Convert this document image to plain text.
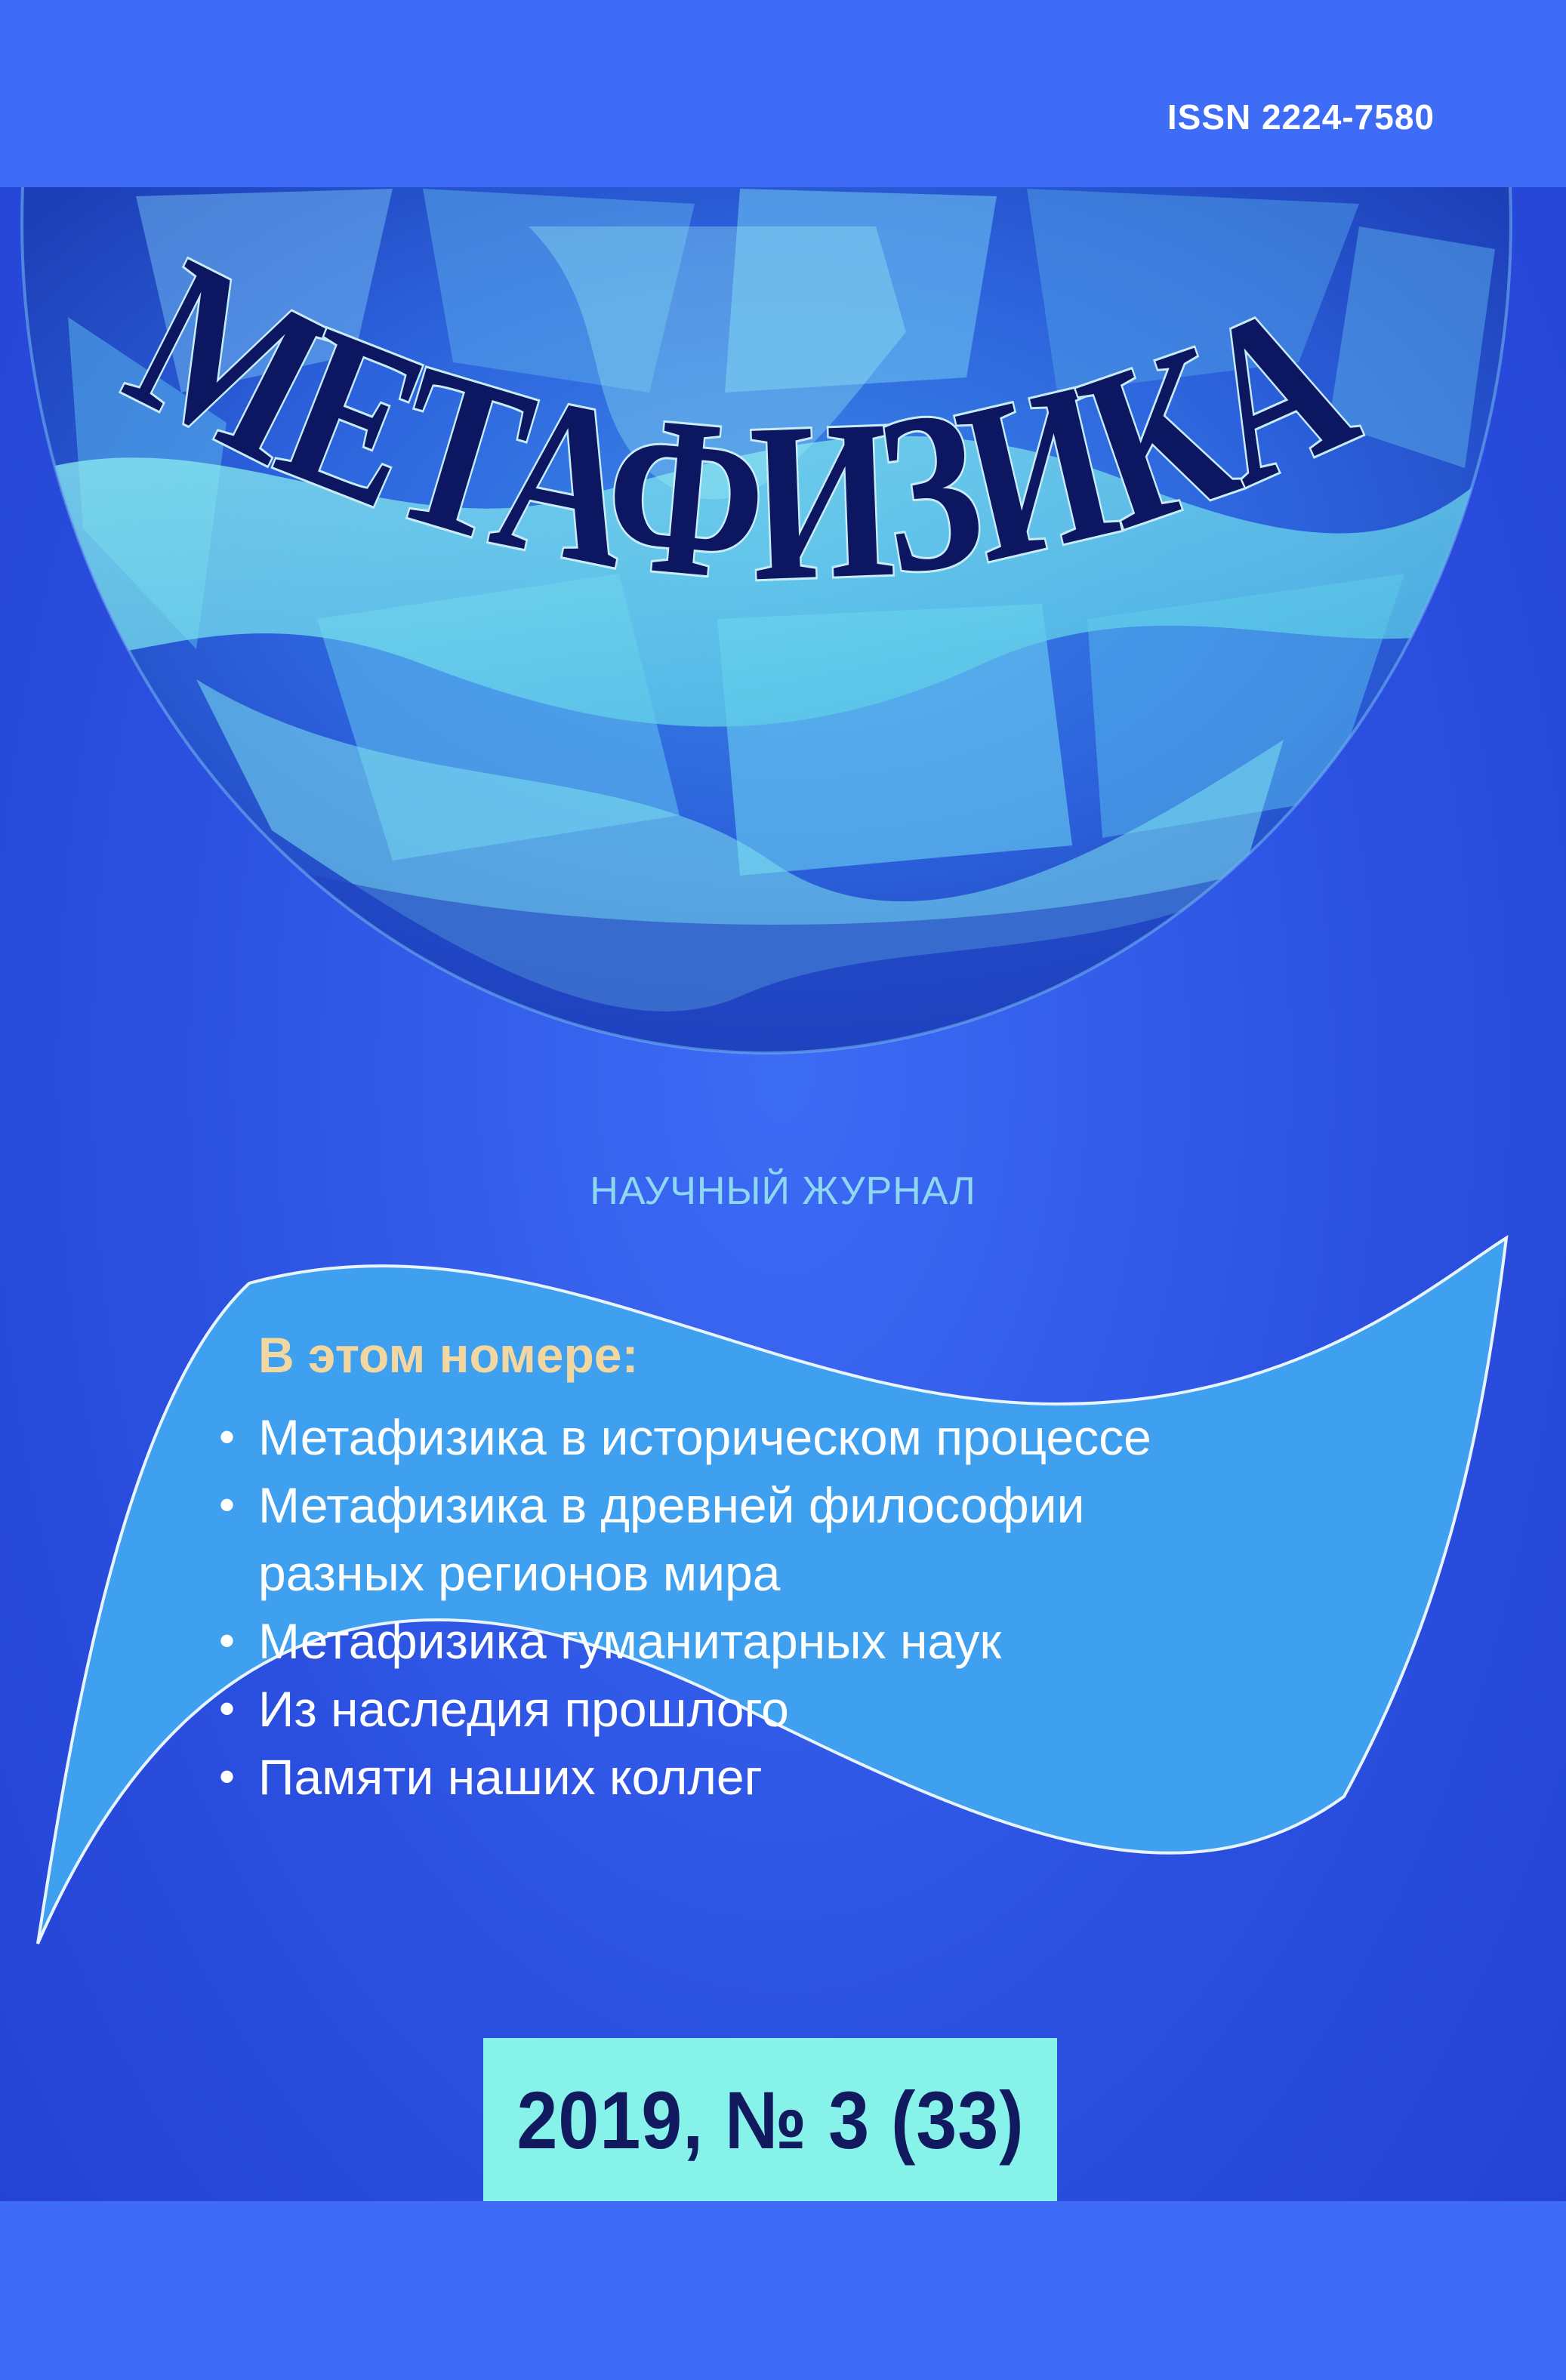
МЕТАФИЗИКА
ISSN 2224-7580
НАУЧНЫЙ ЖУРНАЛ
В этом номере:
• Метафизика в историческом процессе
• Метафизика в древней философии
разных регионов мира
• Метафизика гуманитарных наук
• Из наследия прошлого
• Памяти наших коллег
2019, № 3 (33)
